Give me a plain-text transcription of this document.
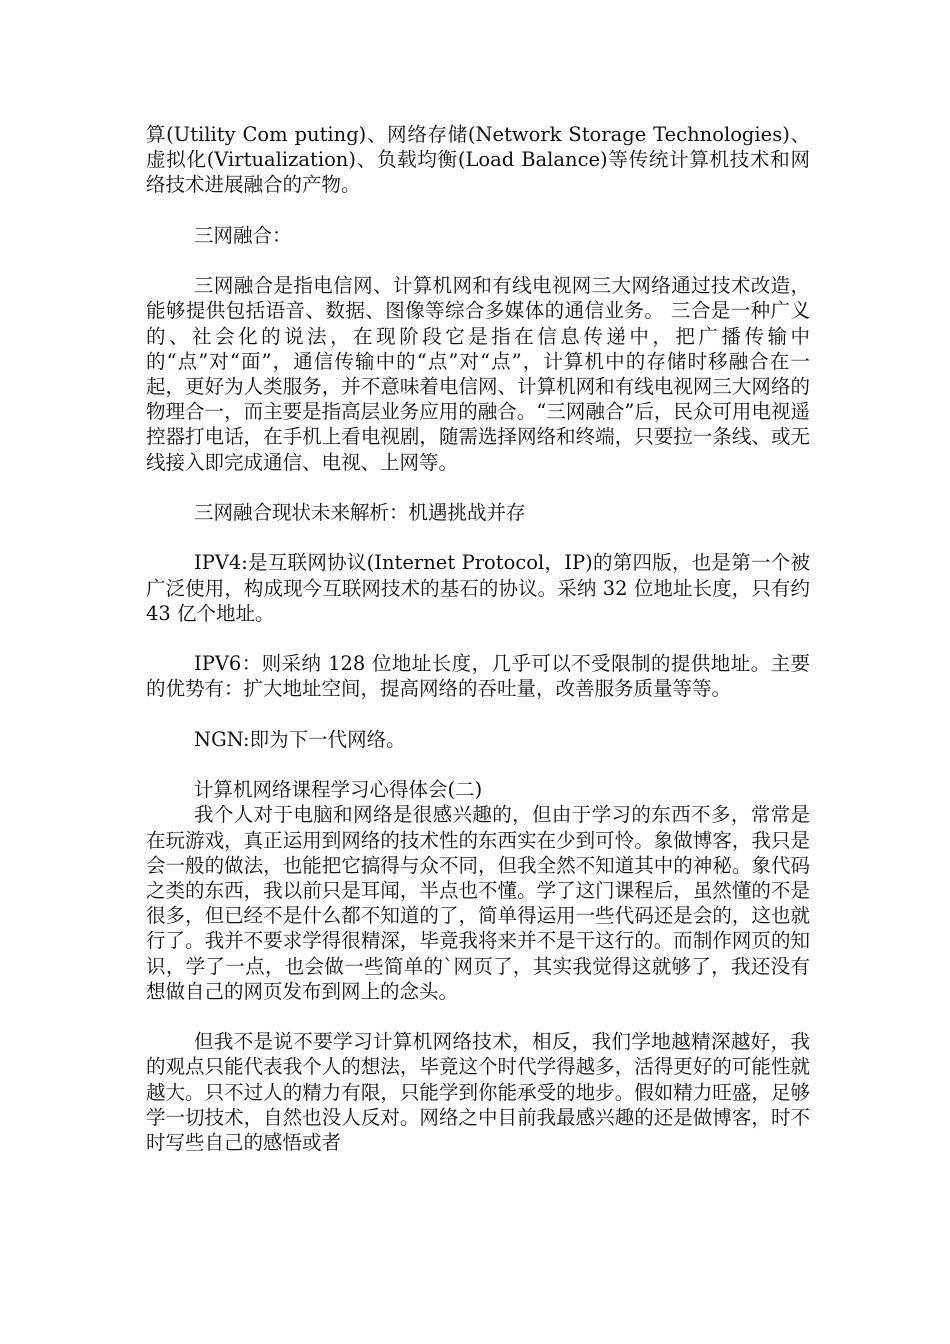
算(Utility Com puting)、网络存储(Network Storage Technologies)、虚拟化(Virtualization)、负载均衡(Load Balance)等传统计算机技术和网络技术进展融合的产物。

三网融合：

三网融合是指电信网、计算机网和有线电视网三大网络通过技术改造，能够提供包括语音、数据、图像等综合多媒体的通信业务。 三合是一种广义的、社会化的说法，在现阶段它是指在信息传递中，把广播传输中的“点”对“面”，通信传输中的“点”对“点”，计算机中的存储时移融合在一起，更好为人类服务，并不意味着电信网、计算机网和有线电视网三大网络的物理合一，而主要是指高层业务应用的融合。“三网融合”后，民众可用电视遥控器打电话，在手机上看电视剧，随需选择网络和终端，只要拉一条线、或无线接入即完成通信、电视、上网等。

三网融合现状未来解析：机遇挑战并存

IPV4:是互联网协议(Internet Protocol，IP)的第四版，也是第一个被广泛使用，构成现今互联网技术的基石的协议。采纳 32 位地址长度，只有约 43 亿个地址。

IPV6：则采纳 128 位地址长度，几乎可以不受限制的提供地址。主要的优势有：扩大地址空间，提高网络的吞吐量，改善服务质量等等。

NGN:即为下一代网络。

计算机网络课程学习心得体会(二)

我个人对于电脑和网络是很感兴趣的，但由于学习的东西不多，常常是在玩游戏，真正运用到网络的技术性的东西实在少到可怜。象做博客，我只是会一般的做法，也能把它搞得与众不同，但我全然不知道其中的神秘。象代码之类的东西，我以前只是耳闻，半点也不懂。学了这门课程后，虽然懂的不是很多，但已经不是什么都不知道的了，简单得运用一些代码还是会的，这也就行了。我并不要求学得很精深，毕竟我将来并不是干这行的。而制作网页的知识，学了一点，也会做一些简单的`网页了，其实我觉得这就够了，我还没有想做自己的网页发布到网上的念头。

但我不是说不要学习计算机网络技术，相反，我们学地越精深越好，我的观点只能代表我个人的想法，毕竟这个时代学得越多，活得更好的可能性就越大。只不过人的精力有限，只能学到你能承受的地步。假如精力旺盛，足够学一切技术，自然也没人反对。网络之中目前我最感兴趣的还是做博客，时不时写些自己的感悟或者
